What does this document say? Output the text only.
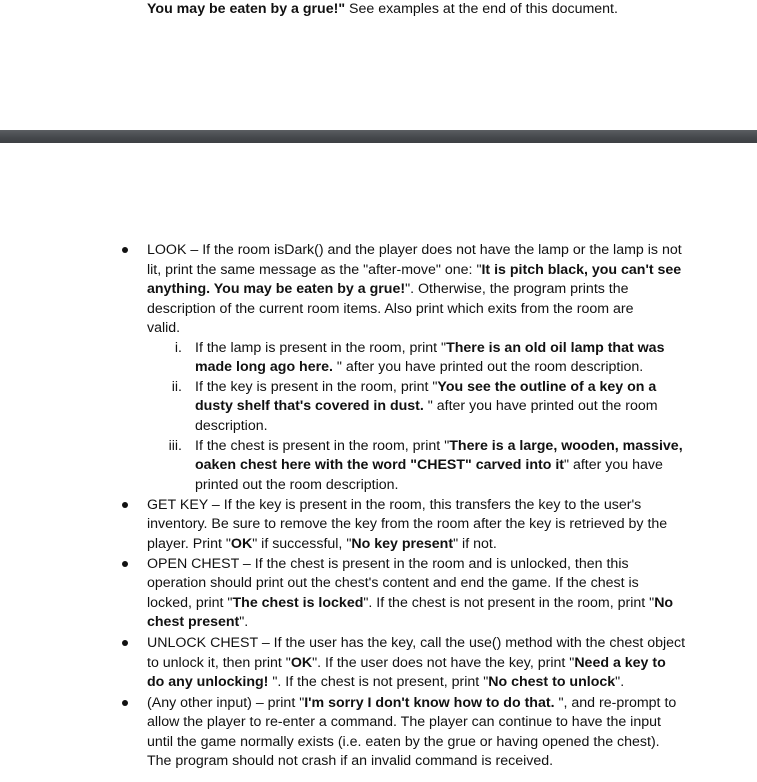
You may be eaten by a grue!" See examples at the end of this document.
LOOK – If the room isDark() and the player does not have the lamp or the lamp is not
lit, print the same message as the "after-move" one: "It is pitch black, you can't see
anything. You may be eaten by a grue!". Otherwise, the program prints the
description of the current room items. Also print which exits from the room are
valid.
i. If the lamp is present in the room, print "There is an old oil lamp that was
made long ago here. " after you have printed out the room description.
ii. If the key is present in the room, print "You see the outline of a key on a
dusty shelf that's covered in dust. " after you have printed out the room
description.
iii. If the chest is present in the room, print "There is a large, wooden, massive,
oaken chest here with the word "CHEST" carved into it" after you have
printed out the room description.
GET KEY – If the key is present in the room, this transfers the key to the user's
inventory. Be sure to remove the key from the room after the key is retrieved by the
player. Print "OK" if successful, "No key present" if not.
OPEN CHEST – If the chest is present in the room and is unlocked, then this
operation should print out the chest's content and end the game. If the chest is
locked, print "The chest is locked". If the chest is not present in the room, print "No
chest present".
UNLOCK CHEST – If the user has the key, call the use() method with the chest object
to unlock it, then print "OK". If the user does not have the key, print "Need a key to
do any unlocking! ". If the chest is not present, print "No chest to unlock".
(Any other input) – print "I'm sorry I don't know how to do that. ", and re-prompt to
allow the player to re-enter a command. The player can continue to have the input
until the game normally exists (i.e. eaten by the grue or having opened the chest).
The program should not crash if an invalid command is received.
